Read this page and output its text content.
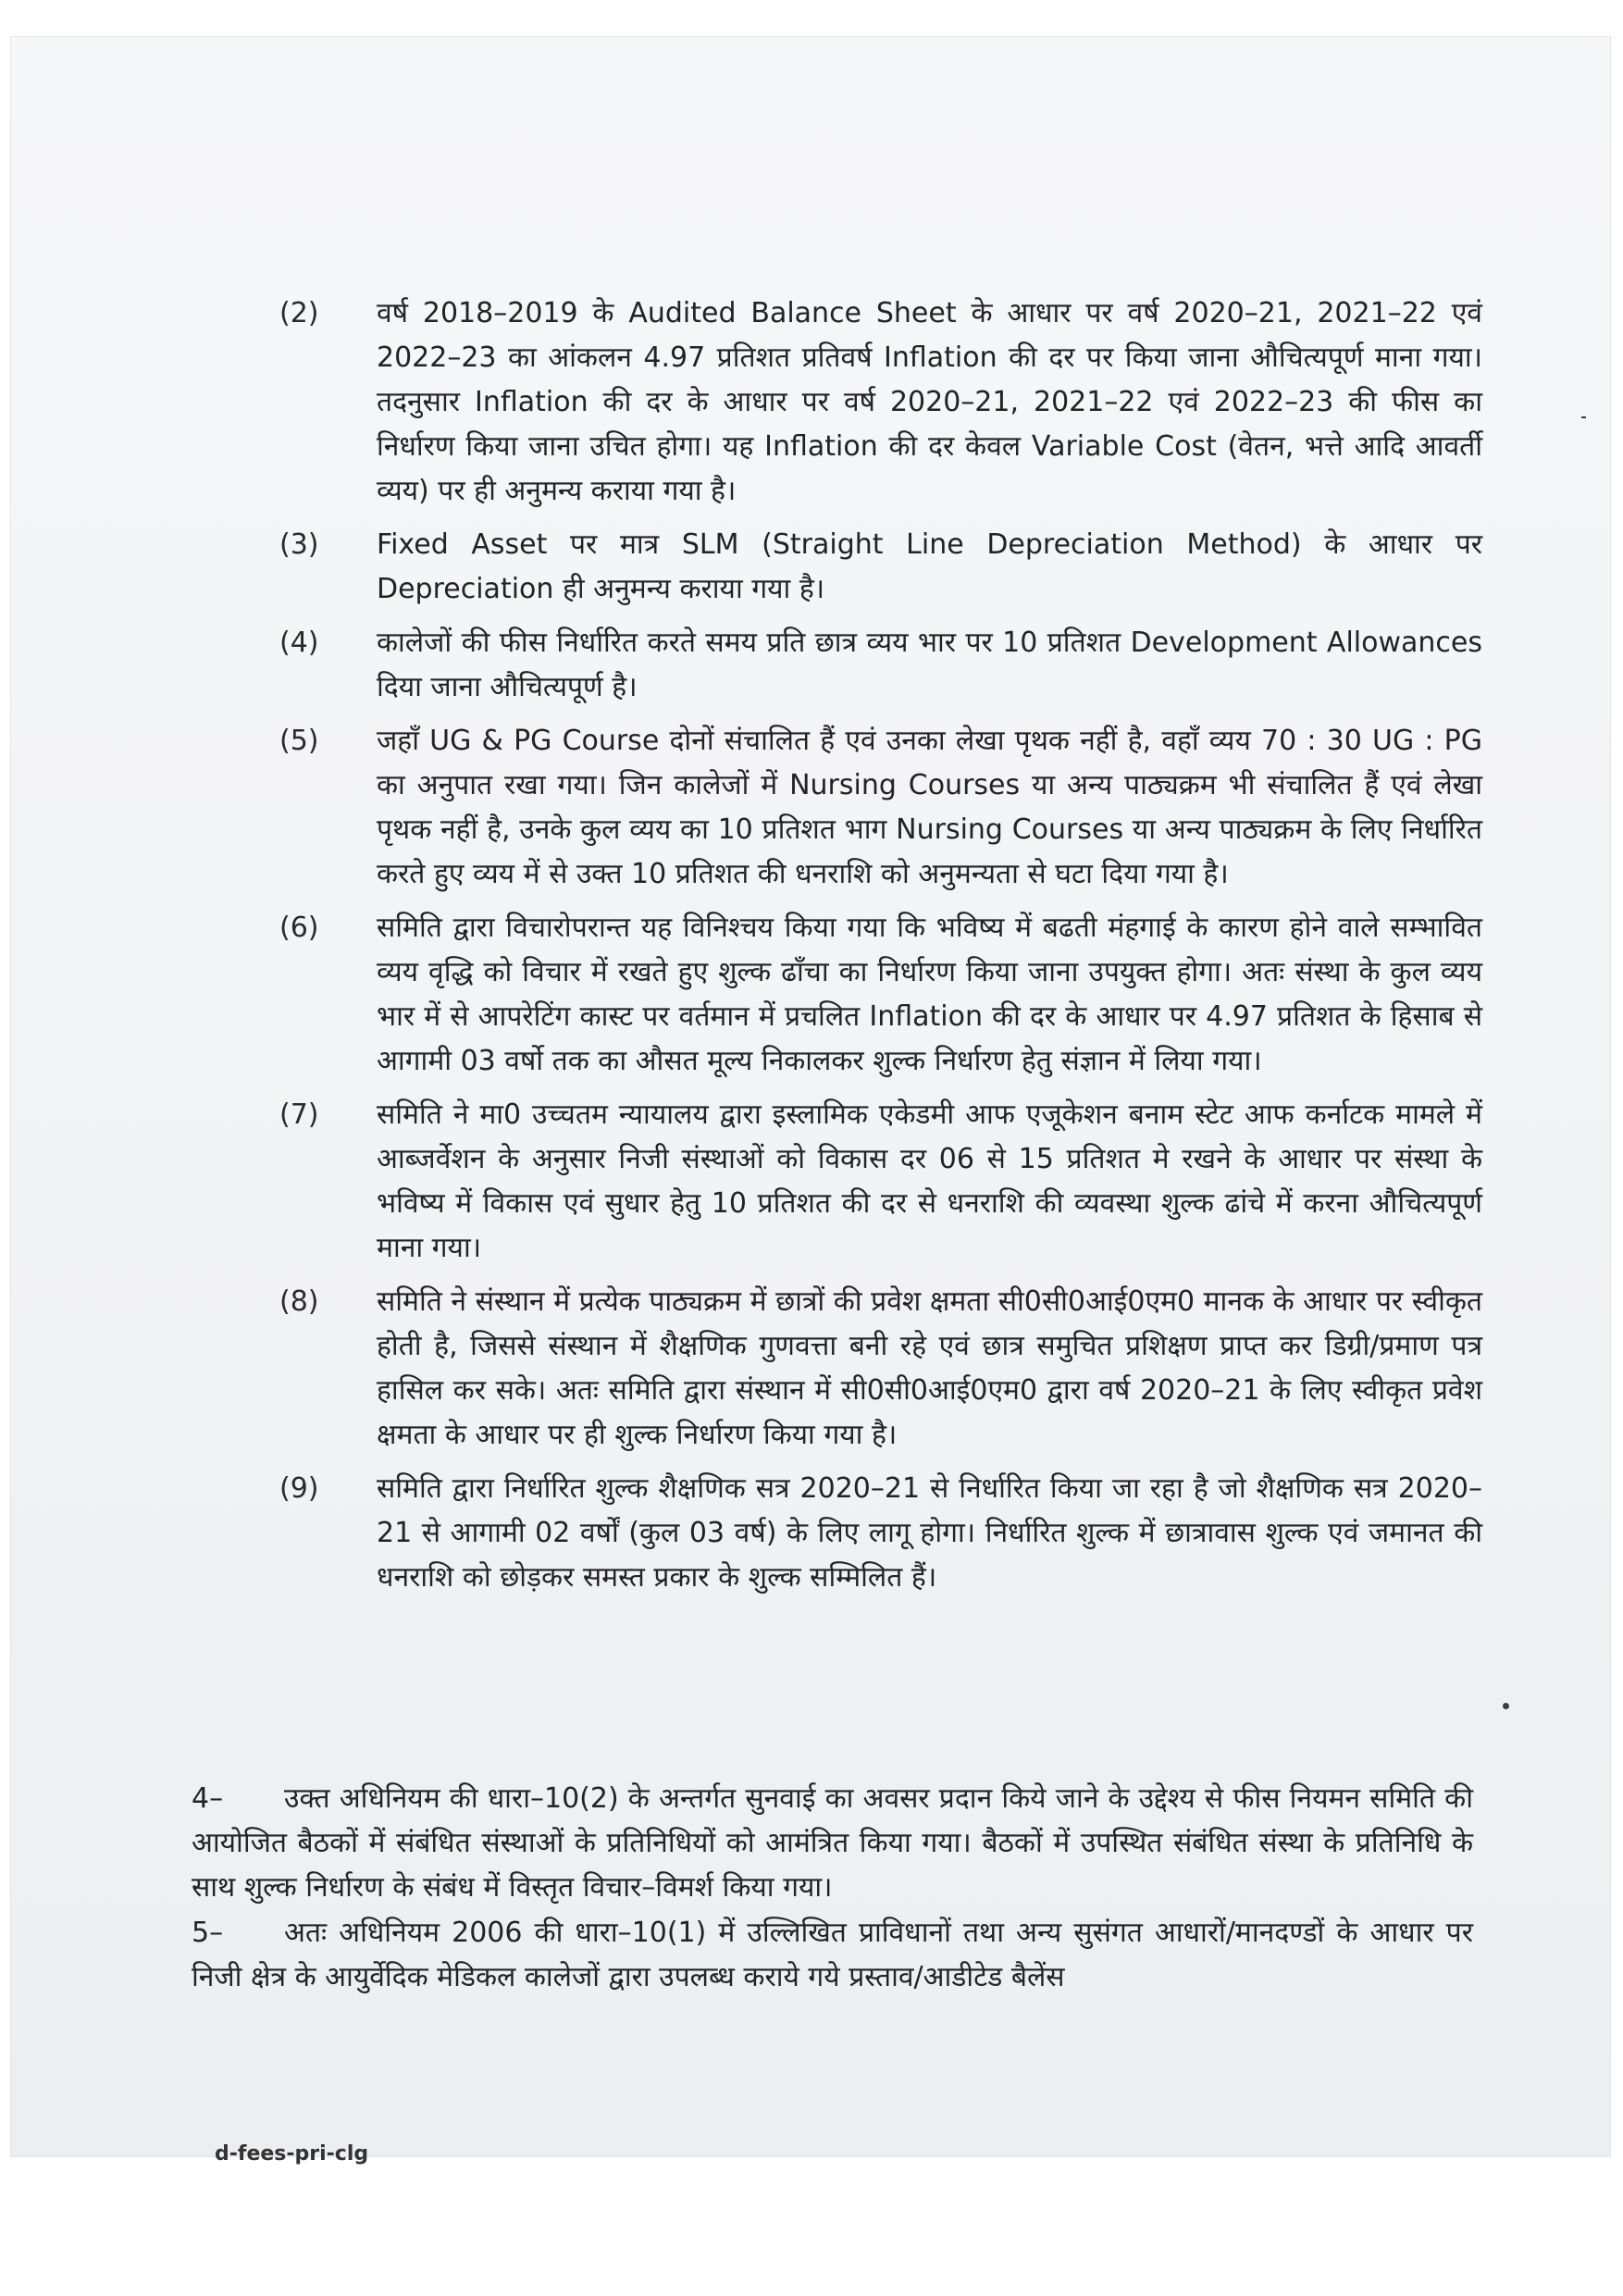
(2)	वर्ष 2018–2019 के Audited Balance Sheet के आधार पर वर्ष 2020–21, 2021–22 एवं 2022–23 का आंकलन 4.97 प्रतिशत प्रतिवर्ष Inflation की दर पर किया जाना औचित्यपूर्ण माना गया। तदनुसार Inflation की दर के आधार पर वर्ष 2020–21, 2021–22 एवं 2022–23 की फीस का निर्धारण किया जाना उचित होगा। यह Inflation की दर केवल Variable Cost (वेतन, भत्ते आदि आवर्ती व्यय) पर ही अनुमन्य कराया गया है।
(3)	Fixed Asset पर मात्र SLM (Straight Line Depreciation Method) के आधार पर Depreciation ही अनुमन्य कराया गया है।
(4)	कालेजों की फीस निर्धारित करते समय प्रति छात्र व्यय भार पर 10 प्रतिशत Development Allowances दिया जाना औचित्यपूर्ण है।
(5)	जहाँ UG & PG Course दोनों संचालित हैं एवं उनका लेखा पृथक नहीं है, वहाँ व्यय 70 : 30 UG : PG का अनुपात रखा गया। जिन कालेजों में Nursing Courses या अन्य पाठ्यक्रम भी संचालित हैं एवं लेखा पृथक नहीं है, उनके कुल व्यय का 10 प्रतिशत भाग Nursing Courses या अन्य पाठ्यक्रम के लिए निर्धारित करते हुए व्यय में से उक्त 10 प्रतिशत की धनराशि को अनुमन्यता से घटा दिया गया है।
(6)	समिति द्वारा विचारोपरान्त यह विनिश्चय किया गया कि भविष्य में बढती मंहगाई के कारण होने वाले सम्भावित व्यय वृद्धि को विचार में रखते हुए शुल्क ढाँचा का निर्धारण किया जाना उपयुक्त होगा। अतः संस्था के कुल व्यय भार में से आपरेटिंग कास्ट पर वर्तमान में प्रचलित Inflation की दर के आधार पर 4.97 प्रतिशत के हिसाब से आगामी 03 वर्षो तक का औसत मूल्य निकालकर शुल्क निर्धारण हेतु संज्ञान में लिया गया।
(7)	समिति ने मा0 उच्चतम न्यायालय द्वारा इस्लामिक एकेडमी आफ एजूकेशन बनाम स्टेट आफ कर्नाटक मामले में आब्जर्वेशन के अनुसार निजी संस्थाओं को विकास दर 06 से 15 प्रतिशत मे रखने के आधार पर संस्था के भविष्य में विकास एवं सुधार हेतु 10 प्रतिशत की दर से धनराशि की व्यवस्था शुल्क ढांचे में करना औचित्यपूर्ण माना गया।
(8)	समिति ने संस्थान में प्रत्येक पाठ्यक्रम में छात्रों की प्रवेश क्षमता सी0सी0आई0एम0 मानक के आधार पर स्वीकृत होती है, जिससे संस्थान में शैक्षणिक गुणवत्ता बनी रहे एवं छात्र समुचित प्रशिक्षण प्राप्त कर डिग्री/प्रमाण पत्र हासिल कर सके। अतः समिति द्वारा संस्थान में सी0सी0आई0एम0 द्वारा वर्ष 2020–21 के लिए स्वीकृत प्रवेश क्षमता के आधार पर ही शुल्क निर्धारण किया गया है।
(9)	समिति द्वारा निर्धारित शुल्क शैक्षणिक सत्र 2020–21 से निर्धारित किया जा रहा है जो शैक्षणिक सत्र 2020–21 से आगामी 02 वर्षों (कुल 03 वर्ष) के लिए लागू होगा। निर्धारित शुल्क में छात्रावास शुल्क एवं जमानत की धनराशि को छोड़कर समस्त प्रकार के शुल्क सम्मिलित हैं।
4– उक्त अधिनियम की धारा–10(2) के अन्तर्गत सुनवाई का अवसर प्रदान किये जाने के उद्देश्य से फीस नियमन समिति की आयोजित बैठकों में संबंधित संस्थाओं के प्रतिनिधियों को आमंत्रित किया गया। बैठकों में उपस्थित संबंधित संस्था के प्रतिनिधि के साथ शुल्क निर्धारण के संबंध में विस्तृत विचार–विमर्श किया गया।
5– अतः अधिनियम 2006 की धारा–10(1) में उल्लिखित प्राविधानों तथा अन्य सुसंगत आधारों/मानदण्डों के आधार पर निजी क्षेत्र के आयुर्वेदिक मेडिकल कालेजों द्वारा उपलब्ध कराये गये प्रस्ताव/आडीटेड बैलेंस
d-fees-pri-clg
